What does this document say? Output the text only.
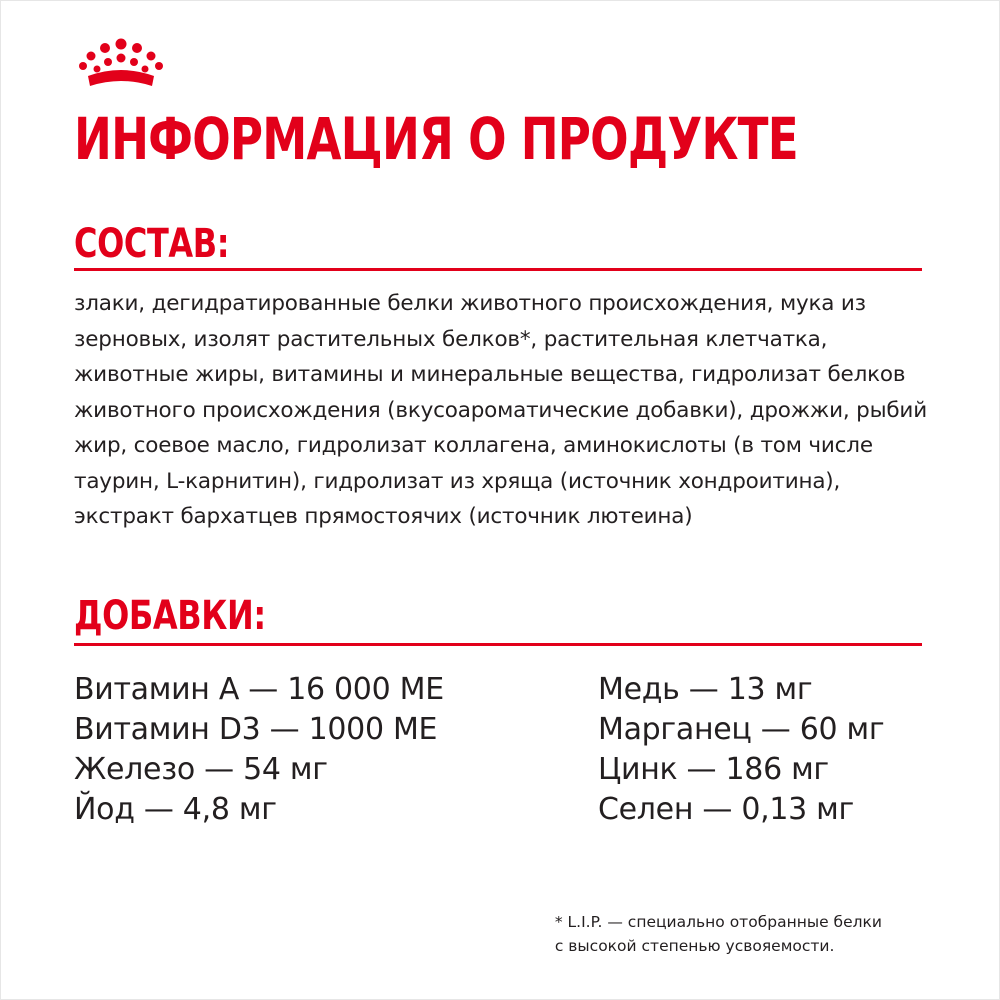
ИНФОРМАЦИЯ О ПРОДУКТЕ
СОСТАВ:

злаки, дегидратированные белки животного происхождения, мука из зерновых, изолят растительных белков*, растительная клетчатка, животные жиры, витамины и минеральные вещества, гидролизат белков животного происхождения (вкусоароматические добавки), дрожжи, рыбий жир, соевое масло, гидролизат коллагена, аминокислоты (в том числе таурин, L-карнитин), гидролизат из хряща (источник хондроитина), экстракт бархатцев прямостоячих (источник лютеина)

ДОБАВКИ:
Витамин А — 16 000 МЕ
Витамин D3 — 1000 МЕ
Железо — 54 мг
Йод — 4,8 мг
Медь — 13 мг
Марганец — 60 мг
Цинк — 186 мг
Селен — 0,13 мг

* L.I.P. — специально отобранные белки
с высокой степенью усвояемости.
